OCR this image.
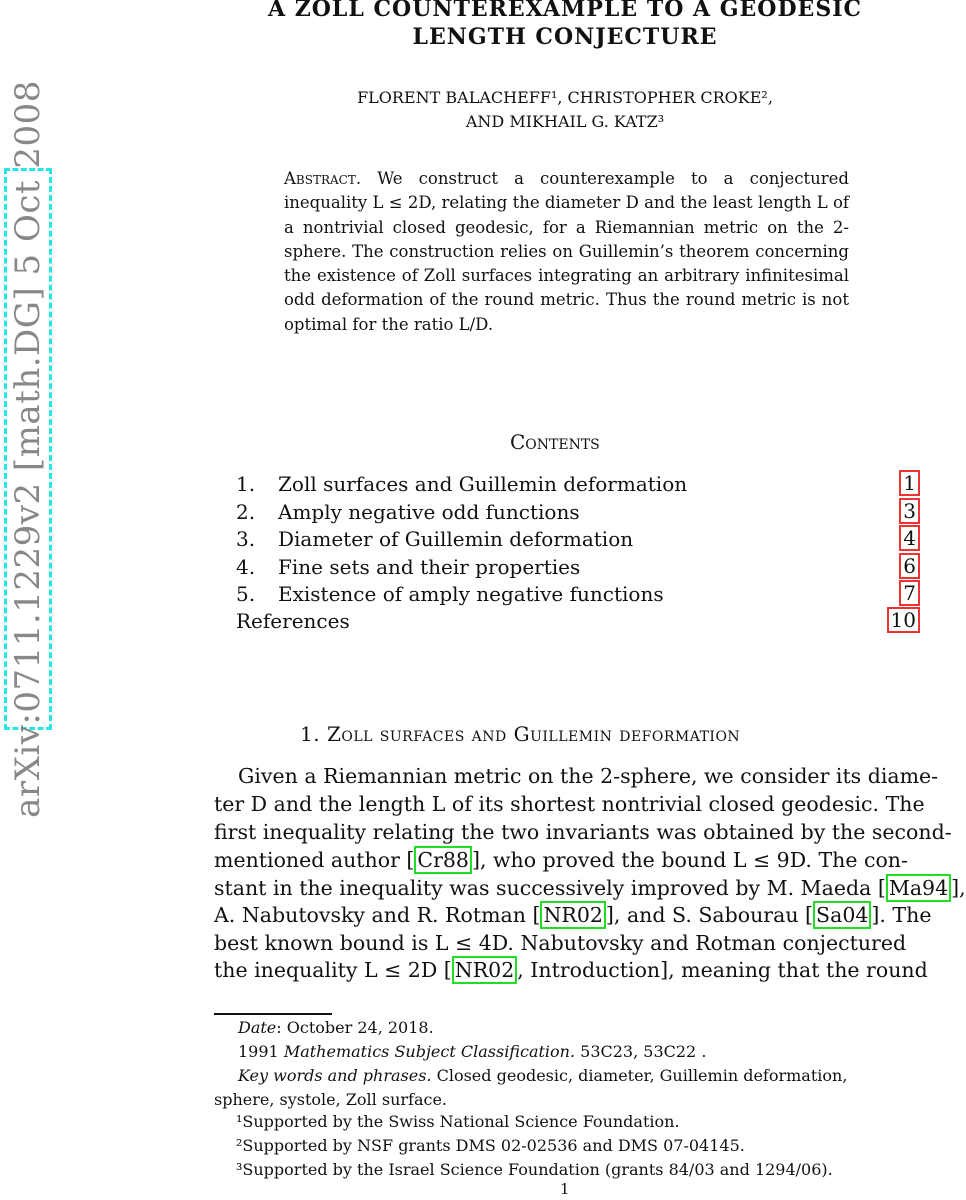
arXiv:0711.1229v2 [math.DG] 5 Oct 2008
A ZOLL COUNTEREXAMPLE TO A GEODESIC
LENGTH CONJECTURE
FLORENT BALACHEFF¹, CHRISTOPHER CROKE²,
AND MIKHAIL G. KATZ³
Abstract. We construct a counterexample to a conjectured inequality L ≤ 2D, relating the diameter D and the least length L of a nontrivial closed geodesic, for a Riemannian metric on the 2-sphere. The construction relies on Guillemin’s theorem concerning the existence of Zoll surfaces integrating an arbitrary infinitesimal odd deformation of the round metric. Thus the round metric is not optimal for the ratio L/D.
Contents
1. Zoll surfaces and Guillemin deformation	1
2. Amply negative odd functions	3
3. Diameter of Guillemin deformation	4
4. Fine sets and their properties	6
5. Existence of amply negative functions	7
References	10
1. Zoll surfaces and Guillemin deformation
Given a Riemannian metric on the 2-sphere, we consider its diame-
ter D and the length L of its shortest nontrivial closed geodesic. The
first inequality relating the two invariants was obtained by the second-
mentioned author [ Cr88 ], who proved the bound L ≤ 9D. The con-
stant in the inequality was successively improved by M. Maeda [ Ma94 ],
A. Nabutovsky and R. Rotman [ NR02 ], and S. Sabourau [ Sa04 ]. The
best known bound is L ≤ 4D. Nabutovsky and Rotman conjectured
the inequality L ≤ 2D [ NR02 , Introduction], meaning that the round
Date: October 24, 2018.
1991 Mathematics Subject Classification. 53C23, 53C22 .
Key words and phrases. Closed geodesic, diameter, Guillemin deformation,
sphere, systole, Zoll surface.
¹Supported by the Swiss National Science Foundation.
²Supported by NSF grants DMS 02-02536 and DMS 07-04145.
³Supported by the Israel Science Foundation (grants 84/03 and 1294/06).
1
